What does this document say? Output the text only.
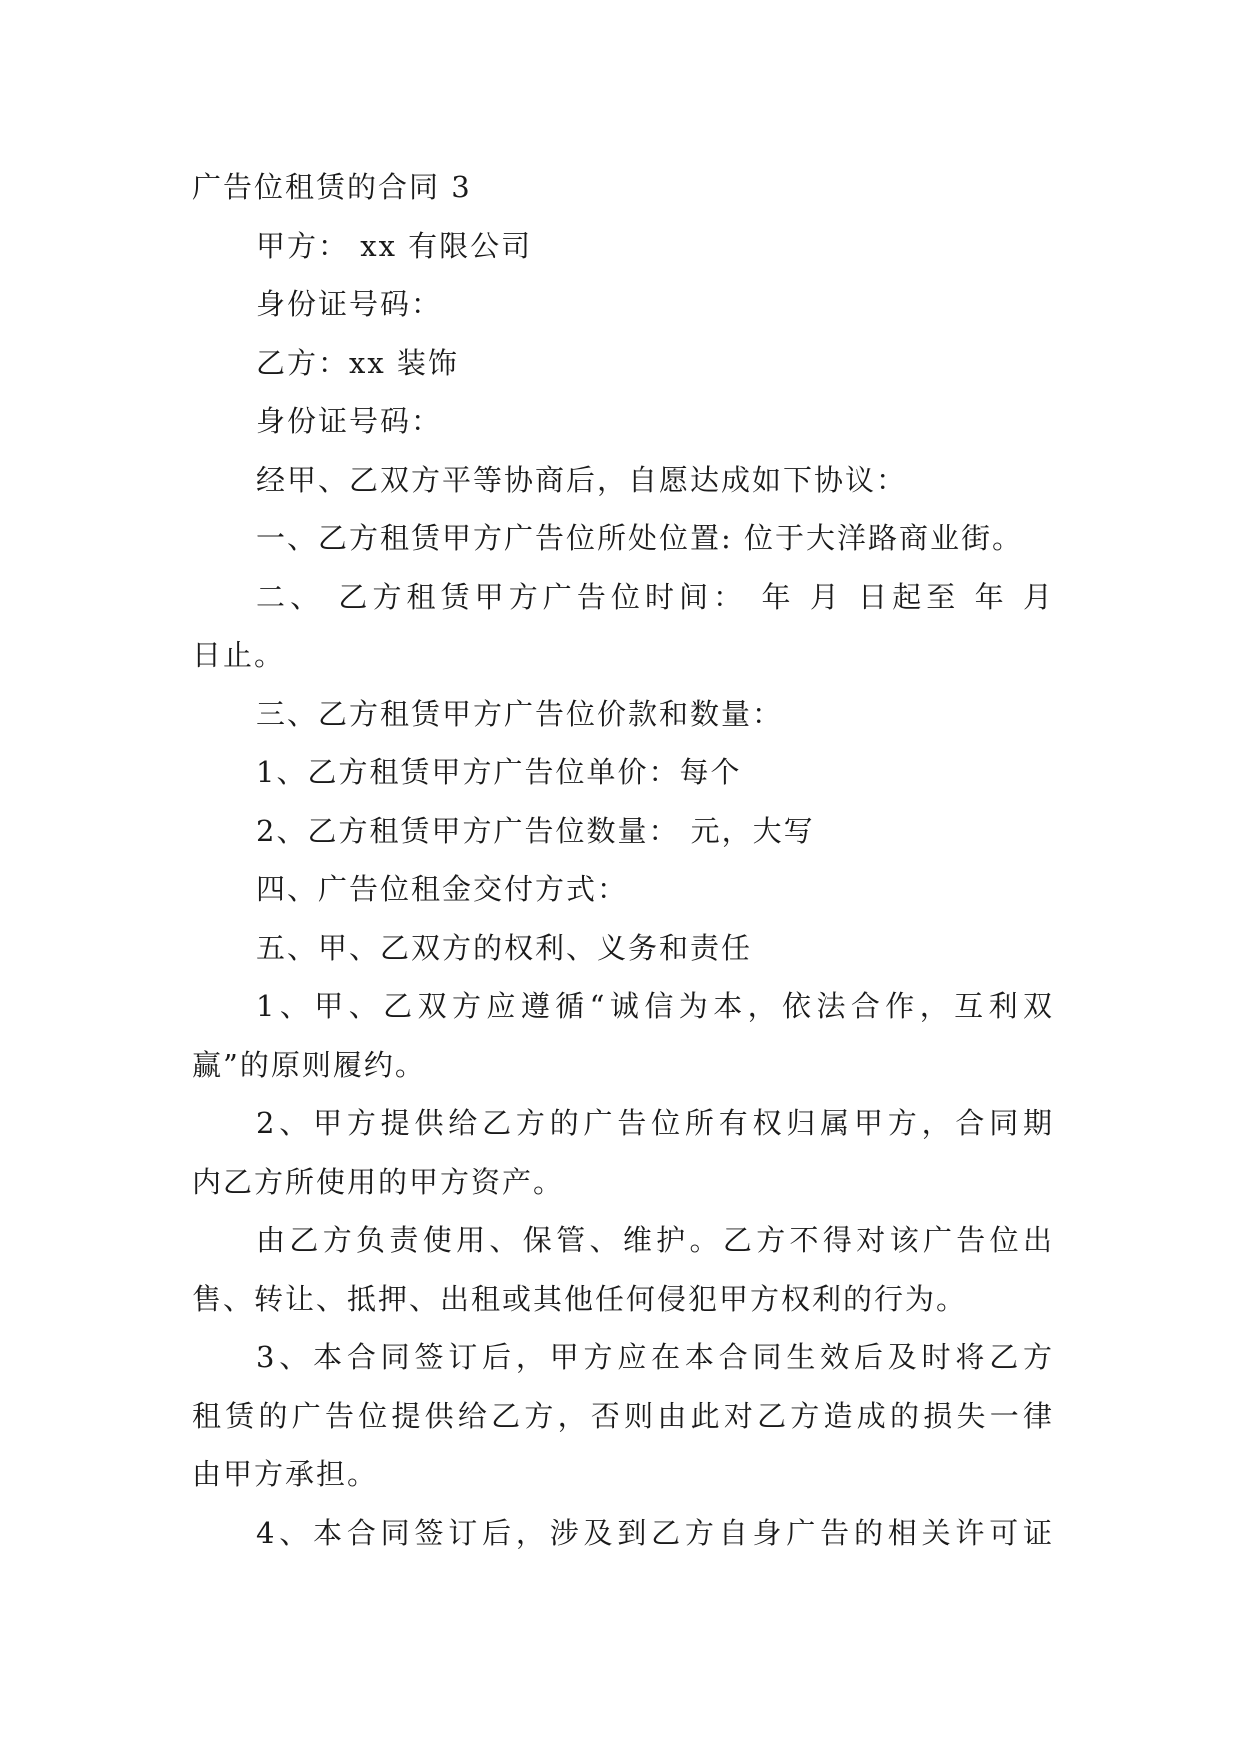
广告位租赁的合同 3
甲方： xx 有限公司
身份证号码：
乙方：xx 装饰
身份证号码：
经甲、乙双方平等协商后，自愿达成如下协议：
一、乙方租赁甲方广告位所处位置: 位于大洋路商业街。
二、 乙方租赁甲方广告位时间： 年 月 日起至 年 月
日止。
三、乙方租赁甲方广告位价款和数量：
1、乙方租赁甲方广告位单价：每个
2、乙方租赁甲方广告位数量： 元，大写
四、广告位租金交付方式：
五、甲、乙双方的权利、义务和责任
1、甲、乙双方应遵循“诚信为本，依法合作，互利双
赢”的原则履约。
2、甲方提供给乙方的广告位所有权归属甲方，合同期
内乙方所使用的甲方资产。
由乙方负责使用、保管、维护。乙方不得对该广告位出
售、转让、抵押、出租或其他任何侵犯甲方权利的行为。
3、本合同签订后，甲方应在本合同生效后及时将乙方
租赁的广告位提供给乙方，否则由此对乙方造成的损失一律
由甲方承担。
4、本合同签订后，涉及到乙方自身广告的相关许可证
